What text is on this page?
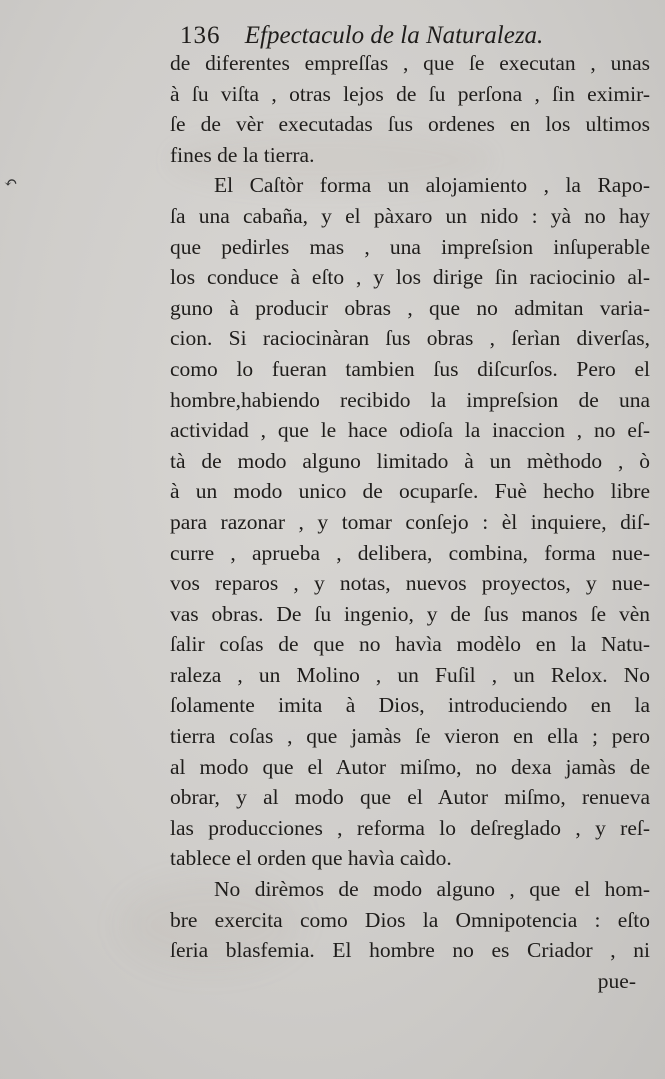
↶
136 Efpectaculo de la Naturaleza.
de diferentes empreſſas , que ſe executan , unas
à ſu viſta , otras lejos de ſu perſona , ſin eximir-
ſe de vèr executadas ſus ordenes en los ultimos
fines de la tierra.
El Caſtòr forma un alojamiento , la Rapo-
ſa una cabaña, y el pàxaro un nido : yà no hay
que pedirles mas , una impreſsion inſuperable
los conduce à eſto , y los dirige ſin raciocinio al-
guno à producir obras , que no admitan varia-
cion. Si raciocinàran ſus obras , ſerìan diverſas,
como lo fueran tambien ſus diſcurſos. Pero el
hombre,habiendo recibido la impreſsion de una
actividad , que le hace odioſa la inaccion , no eſ-
tà de modo alguno limitado à un mèthodo , ò
à un modo unico de ocuparſe. Fuè hecho libre
para razonar , y tomar conſejo : èl inquiere, diſ-
curre , aprueba , delibera, combina, forma nue-
vos reparos , y notas, nuevos proyectos, y nue-
vas obras. De ſu ingenio, y de ſus manos ſe vèn
ſalir coſas de que no havìa modèlo en la Natu-
raleza , un Molino , un Fuſil , un Relox. No
ſolamente imita à Dios, introduciendo en la
tierra coſas , que jamàs ſe vieron en ella ; pero
al modo que el Autor miſmo, no dexa jamàs de
obrar, y al modo que el Autor miſmo, renueva
las producciones , reforma lo deſreglado , y reſ-
tablece el orden que havìa caìdo.
No dirèmos de modo alguno , que el hom-
bre exercita como Dios la Omnipotencia : eſto
ſeria blasfemia. El hombre no es Criador , ni
pue-
